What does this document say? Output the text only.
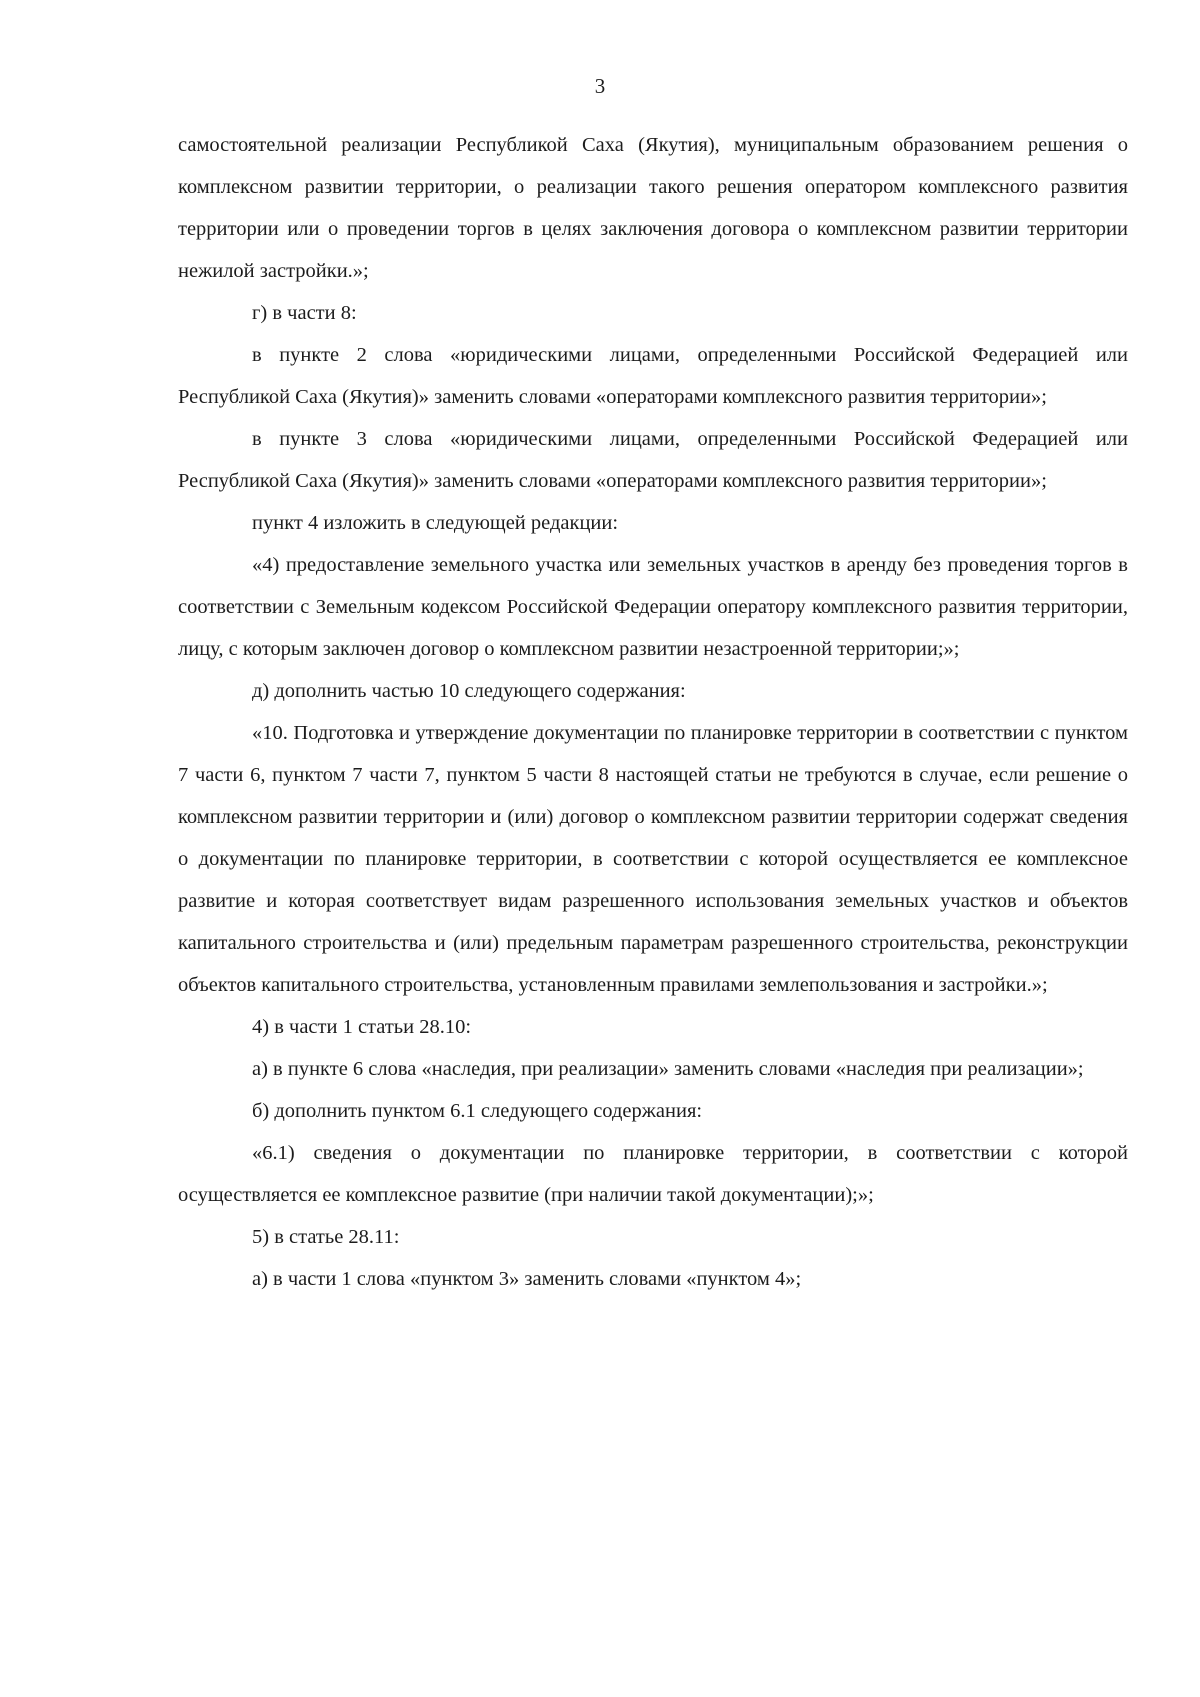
3

самостоятельной реализации Республикой Саха (Якутия), муниципальным образованием решения о комплексном развитии территории, о реализации такого решения оператором комплексного развития территории или о проведении торгов в целях заключения договора о комплексном развитии территории нежилой застройки.»;

г) в части 8:

в пункте 2 слова «юридическими лицами, определенными Российской Федерацией или Республикой Саха (Якутия)» заменить словами «операторами комплексного развития территории»;

в пункте 3 слова «юридическими лицами, определенными Российской Федерацией или Республикой Саха (Якутия)» заменить словами «операторами комплексного развития территории»;

пункт 4 изложить в следующей редакции:

«4) предоставление земельного участка или земельных участков в аренду без проведения торгов в соответствии с Земельным кодексом Российской Федерации оператору комплексного развития территории, лицу, с которым заключен договор о комплексном развитии незастроенной территории;»;

д) дополнить частью 10 следующего содержания:

«10. Подготовка и утверждение документации по планировке территории в соответствии с пунктом 7 части 6, пунктом 7 части 7, пунктом 5 части 8 настоящей статьи не требуются в случае, если решение о комплексном развитии территории и (или) договор о комплексном развитии территории содержат сведения о документации по планировке территории, в соответствии с которой осуществляется ее комплексное развитие и которая соответствует видам разрешенного использования земельных участков и объектов капитального строительства и (или) предельным параметрам разрешенного строительства, реконструкции объектов капитального строительства, установленным правилами землепользования и застройки.»;

4) в части 1 статьи 28.10:

а) в пункте 6 слова «наследия, при реализации» заменить словами «наследия при реализации»;

б) дополнить пунктом 6.1 следующего содержания:

«6.1) сведения о документации по планировке территории, в соответствии с которой осуществляется ее комплексное развитие (при наличии такой документации);»;

5) в статье 28.11:

а) в части 1 слова «пунктом 3» заменить словами «пунктом 4»;
